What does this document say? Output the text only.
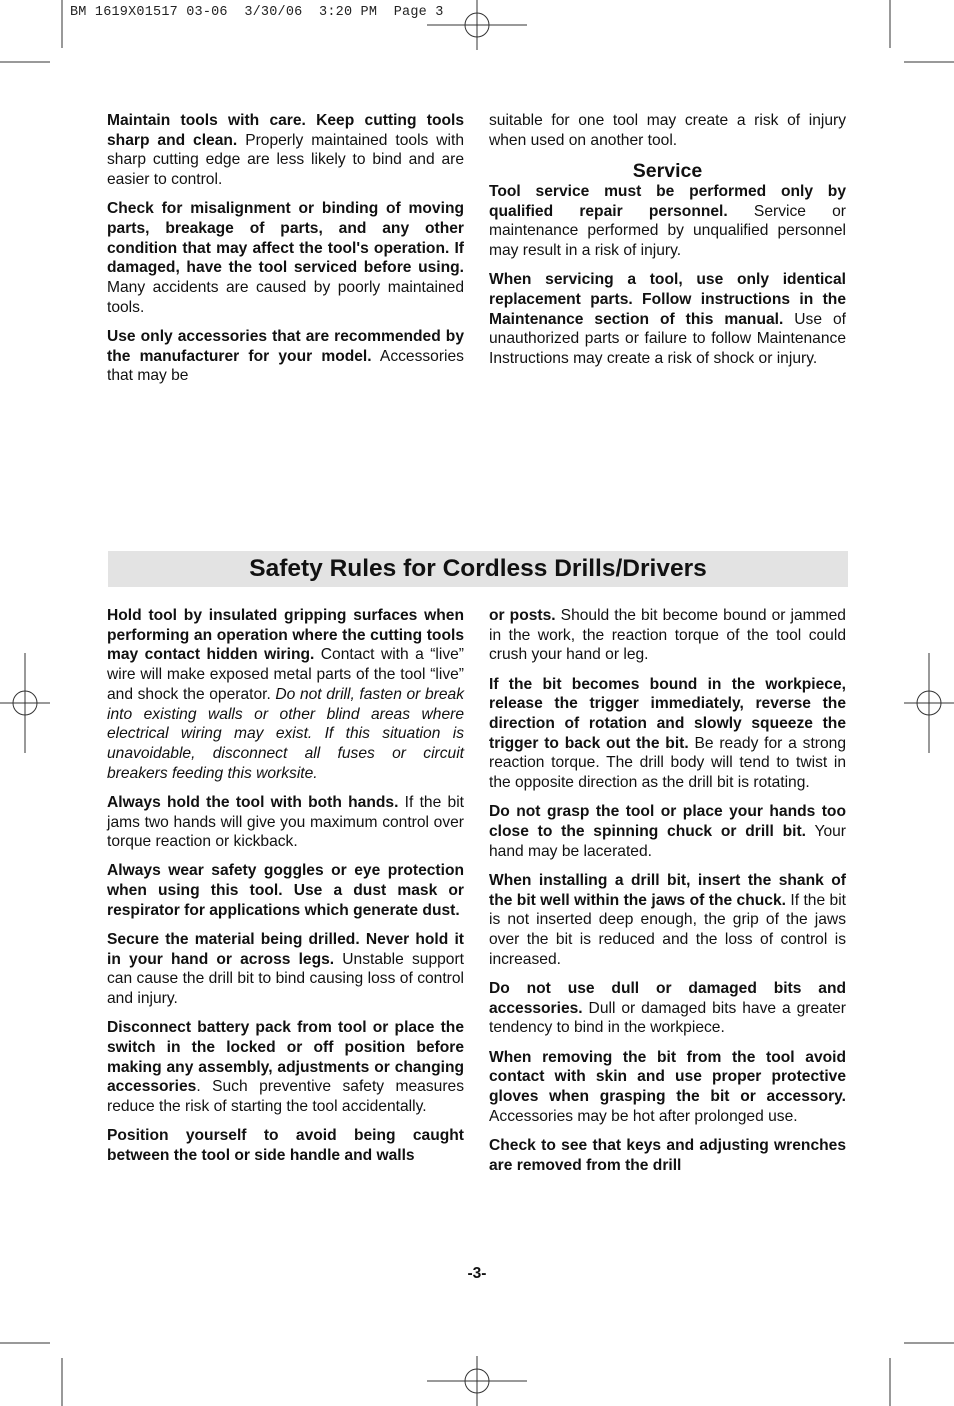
BM 1619X01517 03-06  3/30/06  3:20 PM  Page 3

Maintain tools with care. Keep cutting tools sharp and clean. Properly maintained tools with sharp cutting edge are less likely to bind and are easier to control.

Check for misalignment or binding of moving parts, breakage of parts, and any other condition that may affect the tool's operation. If damaged, have the tool serviced before using. Many accidents are caused by poorly maintained tools.

Use only accessories that are recommended by the manufacturer for your model. Accessories that may be

suitable for one tool may create a risk of injury when used on another tool.

Service

Tool service must be performed only by qualified repair personnel. Service or maintenance performed by unqualified personnel may result in a risk of injury.

When servicing a tool, use only identical replacement parts. Follow instructions in the Maintenance section of this manual. Use of unauthorized parts or failure to follow Maintenance Instructions may create a risk of shock or injury.

Safety Rules for Cordless Drills/Drivers

Hold tool by insulated gripping surfaces when performing an operation where the cutting tools may contact hidden wiring. Contact with a “live” wire will make exposed metal parts of the tool “live” and shock the operator. Do not drill, fasten or break into existing walls or other blind areas where electrical wiring may exist. If this situation is unavoidable, disconnect all fuses or circuit breakers feeding this worksite.

Always hold the tool with both hands. If the bit jams two hands will give you maximum control over torque reaction or kickback.

Always wear safety goggles or eye protection when using this tool. Use a dust mask or respirator for applications which generate dust.

Secure the material being drilled. Never hold it in your hand or across legs. Unstable support can cause the drill bit to bind causing loss of control and injury.

Disconnect battery pack from tool or place the switch in the locked or off position before making any assembly, adjustments or changing accessories. Such preventive safety measures reduce the risk of starting the tool accidentally.

Position yourself to avoid being caught between the tool or side handle and walls

or posts. Should the bit become bound or jammed in the work, the reaction torque of the tool could crush your hand or leg.

If the bit becomes bound in the workpiece, release the trigger immediately, reverse the direction of rotation and slowly squeeze the trigger to back out the bit. Be ready for a strong reaction torque. The drill body will tend to twist in the opposite direction as the drill bit is rotating.

Do not grasp the tool or place your hands too close to the spinning chuck or drill bit. Your hand may be lacerated.

When installing a drill bit, insert the shank of the bit well within the jaws of the chuck. If the bit is not inserted deep enough, the grip of the jaws over the bit is reduced and the loss of control is increased.

Do not use dull or damaged bits and accessories. Dull or damaged bits have a greater tendency to bind in the workpiece.

When removing the bit from the tool avoid contact with skin and use proper protective gloves when grasping the bit or accessory. Accessories may be hot after prolonged use.

Check to see that keys and adjusting wrenches are removed from the drill

-3-
